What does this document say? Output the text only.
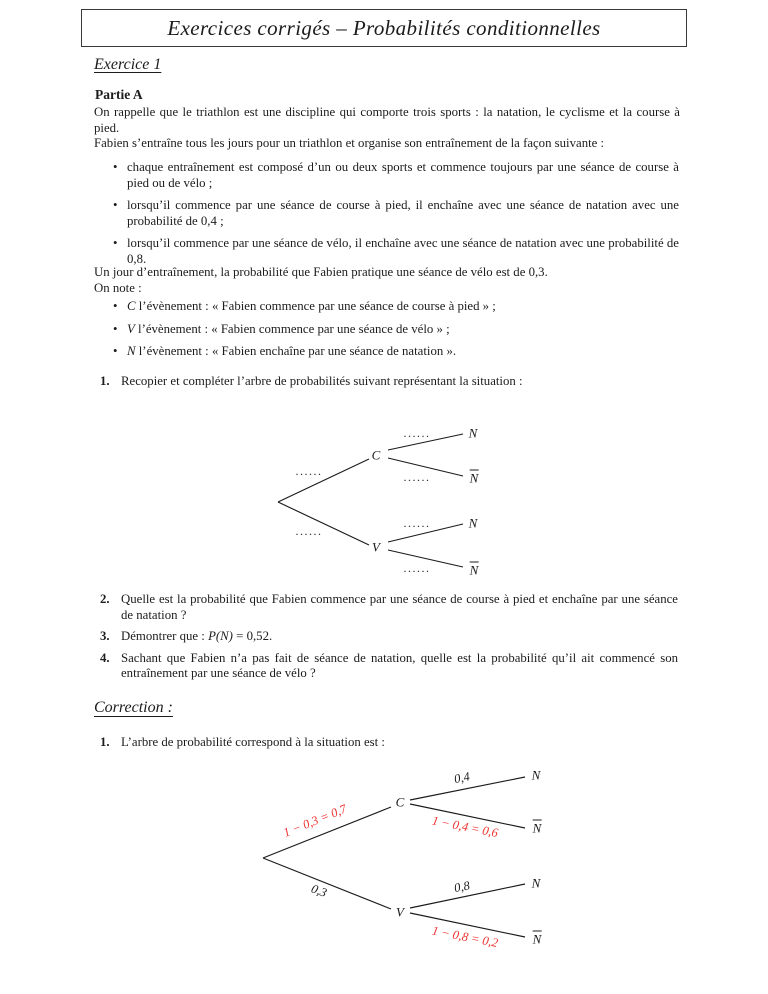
Exercices corrigés – Probabilités conditionnelles
Exercice 1
Partie A

On rappelle que le triathlon est une discipline qui comporte trois sports : la natation, le cyclisme et la course à pied.

Fabien s’entraîne tous les jours pour un triathlon et organise son entraînement de la façon suivante :

• chaque entraînement est composé d’un ou deux sports et commence toujours par une séance de course à pied ou de vélo ;
• lorsqu’il commence par une séance de course à pied, il enchaîne avec une séance de natation avec une probabilité de 0,4 ;
• lorsqu’il commence par une séance de vélo, il enchaîne avec une séance de natation avec une probabilité de 0,8.

Un jour d’entraînement, la probabilité que Fabien pratique une séance de vélo est de 0,3.

On note :

• C l’évènement : « Fabien commence par une séance de course à pied » ;
• V l’évènement : « Fabien commence par une séance de vélo » ;
• N l’évènement : « Fabien enchaîne par une séance de natation ».
1. Recopier et compléter l’arbre de probabilités suivant représentant la situation :
......
......
......
......
......
......
C
V
N
N
N
N
2. Quelle est la probabilité que Fabien commence par une séance de course à pied et enchaîne par une séance de natation ?
3. Démontrer que : P(N) = 0,52.
4. Sachant que Fabien n’a pas fait de séance de natation, quelle est la probabilité qu’il ait commencé son entraînement par une séance de vélo ?
Correction :
1. L’arbre de probabilité correspond à la situation est :
1 − 0,3 = 0,7
0,3
0,4
1 − 0,4 = 0,6
0,8
1 − 0,8 = 0,2
C
V
N
N
N
N
